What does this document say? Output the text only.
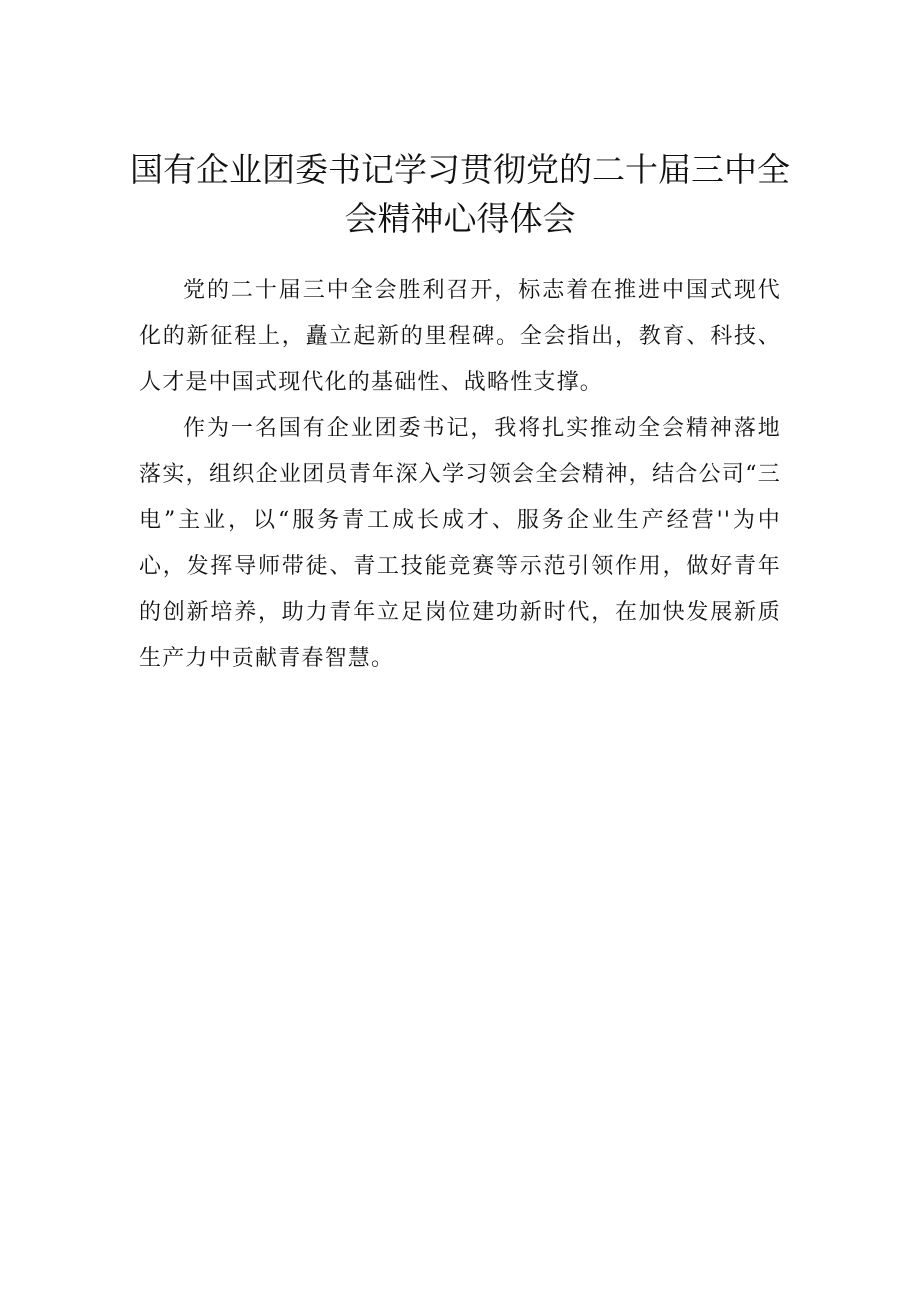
国有企业团委书记学习贯彻党的二十届三中全会精神心得体会

党的二十届三中全会胜利召开，标志着在推进中国式现代化的新征程上，矗立起新的里程碑。全会指出，教育、科技、人才是中国式现代化的基础性、战略性支撑。

作为一名国有企业团委书记，我将扎实推动全会精神落地落实，组织企业团员青年深入学习领会全会精神，结合公司“三电”主业，以“服务青工成长成才、服务企业生产经营''为中心，发挥导师带徒、青工技能竞赛等示范引领作用，做好青年的创新培养，助力青年立足岗位建功新时代，在加快发展新质生产力中贡献青春智慧。
